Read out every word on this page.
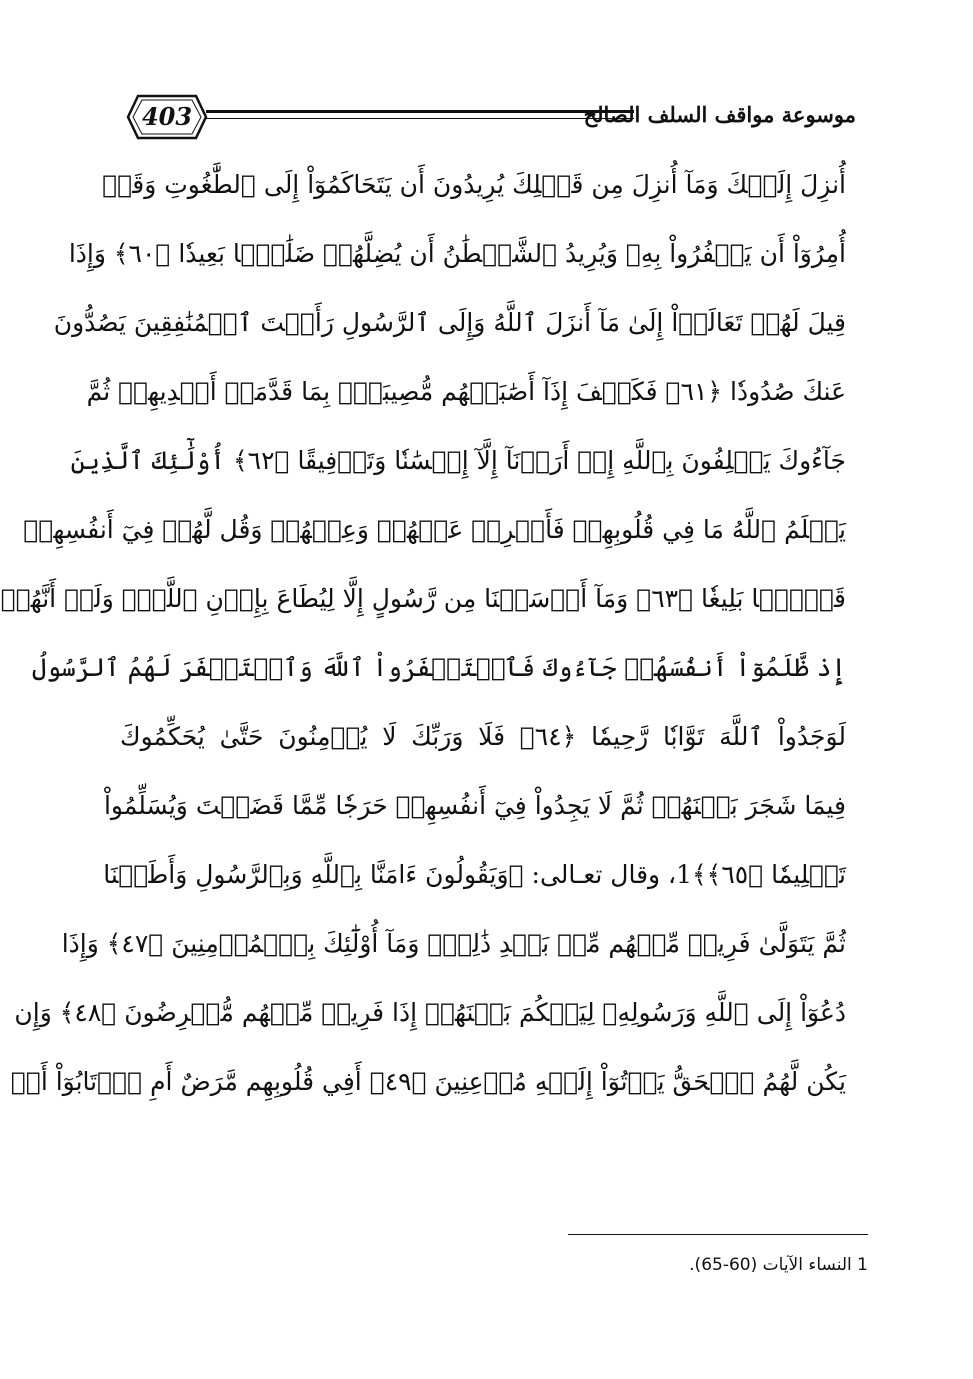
403	موسوعة مواقف السلف الصالح
أُنزِلَ إِلَيۡكَ وَمَآ أُنزِلَ مِن قَبۡلِكَ يُرِيدُونَ أَن يَتَحَاكَمُوٓاْ إِلَى ٱلطَّٰغُوتِ وَقَدۡ
أُمِرُوٓاْ أَن يَكۡفُرُواْ بِهِۦ وَيُرِيدُ ٱلشَّيۡطَٰنُ أَن يُضِلَّهُمۡ ضَلَٰلَۢا بَعِيدٗا ﴿٦٠﴾ وَإِذَا
قِيلَ لَهُمۡ تَعَالَوۡاْ إِلَىٰ مَآ أَنزَلَ ٱللَّهُ وَإِلَى ٱلرَّسُولِ رَأَيۡتَ ٱلۡمُنَٰفِقِينَ يَصُدُّونَ
عَنكَ صُدُودٗا ﴿٦١﴾ فَكَيۡفَ إِذَآ أَصَٰبَتۡهُم مُّصِيبَةُۢ بِمَا قَدَّمَتۡ أَيۡدِيهِمۡ ثُمَّ
جَآءُوكَ يَحۡلِفُونَ بِٱللَّهِ إِنۡ أَرَدۡنَآ إِلَّآ إِحۡسَٰنٗا وَتَوۡفِيقًا ﴿٦٢﴾ أُوْلَٰٓئِكَ ٱلَّذِينَ
يَعۡلَمُ ٱللَّهُ مَا فِي قُلُوبِهِمۡ فَأَعۡرِضۡ عَنۡهُمۡ وَعِظۡهُمۡ وَقُل لَّهُمۡ فِيٓ أَنفُسِهِمۡ
قَوۡلَۢا بَلِيغٗا ﴿٦٣﴾ وَمَآ أَرۡسَلۡنَا مِن رَّسُولٍ إِلَّا لِيُطَاعَ بِإِذۡنِ ٱللَّهِۚ وَلَوۡ أَنَّهُمۡ
إِذ ظَّلَمُوٓاْ أَنفُسَهُمۡ جَآءُوكَ فَٱسۡتَغۡفَرُواْ ٱللَّهَ وَٱسۡتَغۡفَرَ لَهُمُ ٱلرَّسُولُ
لَوَجَدُواْ ٱللَّهَ تَوَّابٗا رَّحِيمٗا ﴿٦٤﴾ فَلَا وَرَبِّكَ لَا يُؤۡمِنُونَ حَتَّىٰ يُحَكِّمُوكَ
فِيمَا شَجَرَ بَيۡنَهُمۡ ثُمَّ لَا يَجِدُواْ فِيٓ أَنفُسِهِمۡ حَرَجٗا مِّمَّا قَضَيۡتَ وَيُسَلِّمُواْ
تَسۡلِيمٗا ﴿٦٥﴾﴾1، وقال تعـالى: ﴿وَيَقُولُونَ ءَامَنَّا بِٱللَّهِ وَبِٱلرَّسُولِ وَأَطَعۡنَا
ثُمَّ يَتَوَلَّىٰ فَرِيقٞ مِّنۡهُم مِّنۢ بَعۡدِ ذَٰلِكَۚ وَمَآ أُوْلَٰٓئِكَ بِٱلۡمُؤۡمِنِينَ ﴿٤٧﴾ وَإِذَا
دُعُوٓاْ إِلَى ٱللَّهِ وَرَسُولِهِۦ لِيَحۡكُمَ بَيۡنَهُمۡ إِذَا فَرِيقٞ مِّنۡهُم مُّعۡرِضُونَ ﴿٤٨﴾ وَإِن
يَكُن لَّهُمُ ٱلۡحَقُّ يَأۡتُوٓاْ إِلَيۡهِ مُذۡعِنِينَ ﴿٤٩﴾ أَفِي قُلُوبِهِم مَّرَضٌ أَمِ ٱرۡتَابُوٓاْ أَمۡ
1 النساء الآيات (60-65).
